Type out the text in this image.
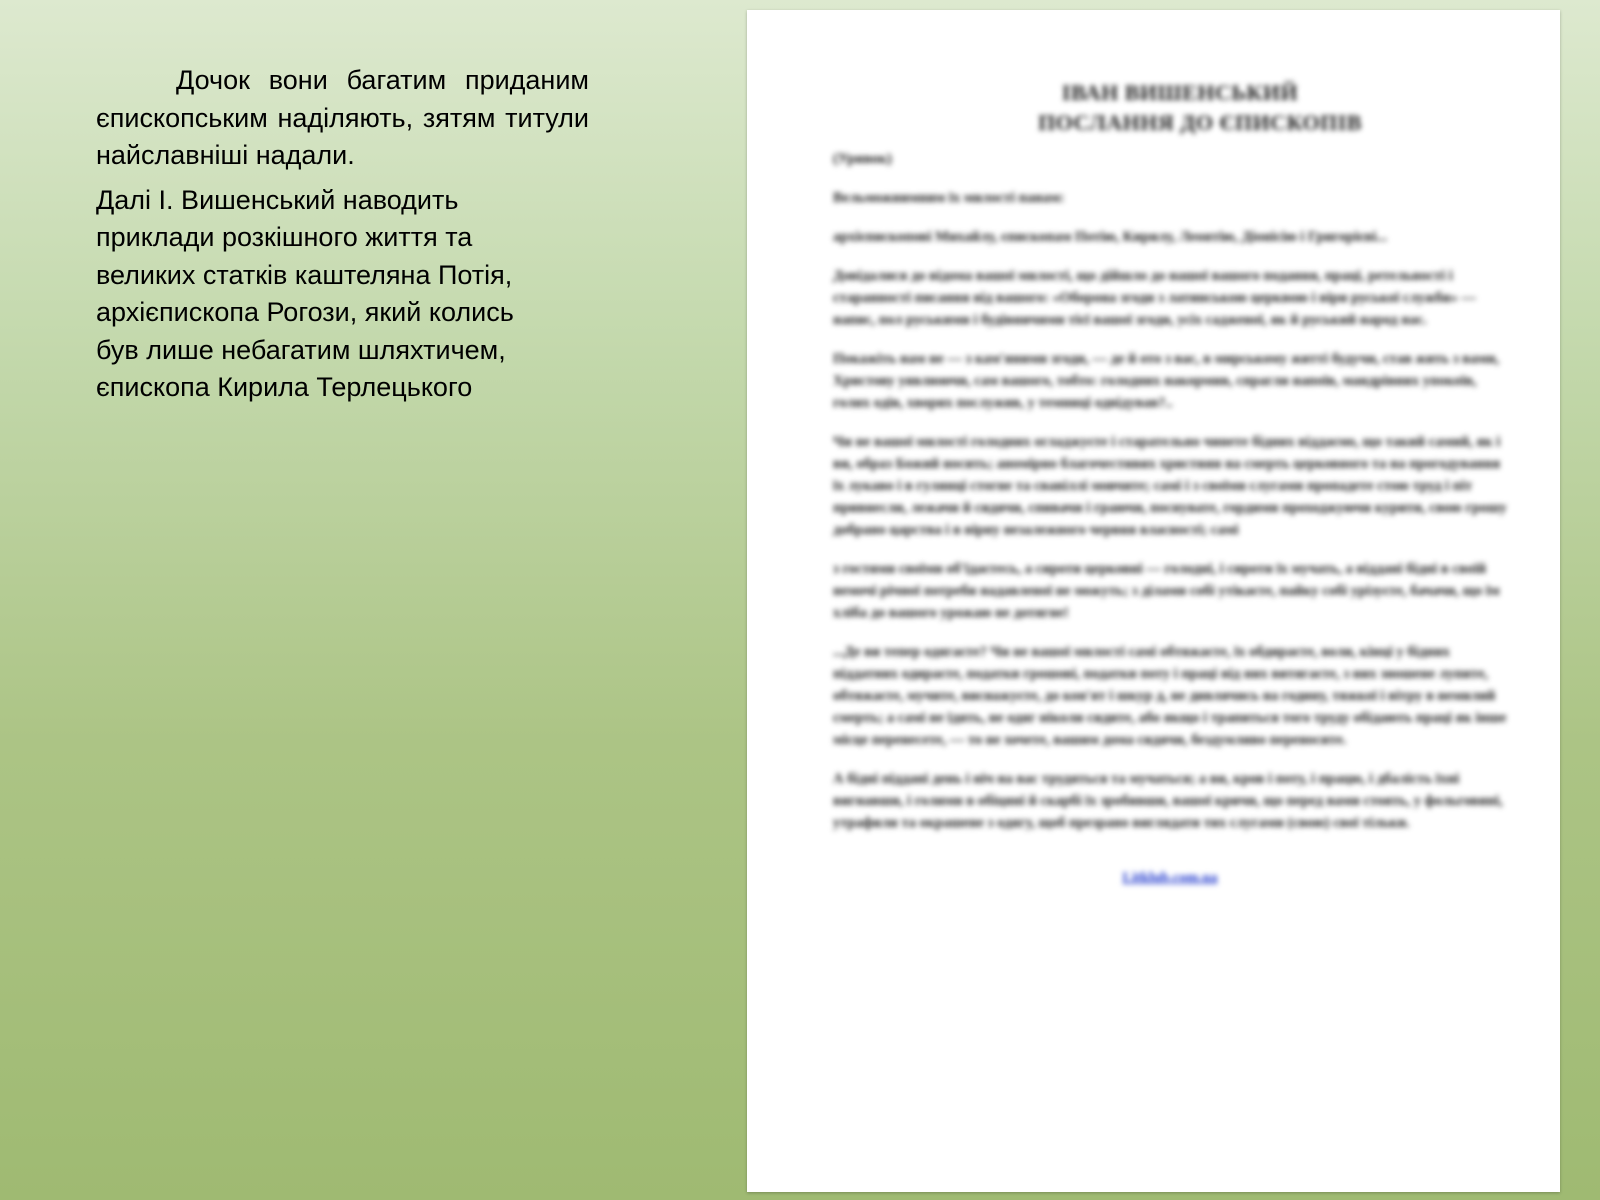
Дочок вони багатим приданим єпископським наділяють, зятям титули найславніші надали.

Далі І. Вишенський наводить
приклади розкішного життя та
великих статків каштеляна Потія,
архієпископа Рогози, який колись
був лише небагатим шляхтичем,
єпископа Кирила Терлецького

ІВАН ВИШЕНСЬКИЙ
ПОСЛАННЯ ДО ЄПИСКОПІВ

(Уривок)

Вельможнимним їх милості панам:

архієпископові Михайлу, єпископам Потію, Кирилу, Леонтію, Діонісію і Григорієві...

Довідалися до відома вашої милості, що дійшло до нашої вашого подання, праці, ретельності і старанності писання від вашого: «Оборона згоди з латинською церквою і віри руської служби» — напис, пол руськими і будівничими тієї вашої згоди, усіх садженої, як й руський народ нас.

Покажіть нам не — з кам'яними згоди, — де й ото з вас, в мирському житті будучи, став жить з вами, Христову уявлюючи, сам вашого, тобто: голодних накормив, спрагли напоїв, мандрівних упокоїв, голих одів, хворих послужив, у темниці одвідував?..

Чи не вашої милості голодних огладжуєте і старательно чинете бідних віддаємо, що такий самий, як і ви, образ Божий носить; аномірно благочестивих християн на смерть церковного та на прогодування їх лукаво і в гулянці стогне та свавіллі мовчите; самі і з своїми слугами пропадете стою труд і піт привнесли, лежачи й сидячи, спивачи і граючи, поснувате, гордими проходжуючи курити, свою грошу добрано царства і в вірну незалежного червня власності; самі

з гостями своїми об'їдаєтесь, а сироти церковні — голодні, і сироти їх мучать, а віддані бідні в своїй немочі річної потреби надавленої не можуть; з ділами собі утікаєте, пайку собі урізуєте, бачачи, що їм хліба до вашого урожаю не дотягне!

...Де ви тепер одягаєте? Чи не вашої милості самі обтяжаєте, їх обдираєте, воли, кінці у бідних піддатних одираєте, податки грошові, податки поту і праці від них витягаєте, з них зношене лупите, обтяжаєте, мучите, виснажуєте, до кон'ят і шкур д, не дивлячись на годину, тяжкої і вітру в немилий смерть; а самі не їдять, не одяг ніколи сидите, або якщо і трапиться того труду обідають праці як інше місце перенесете, — то не хочете, вашим дома сидячи, бездумливо переносите.

А бідні піддані день і ніч на вас трудяться та мучаться; а ви, кров і поту, і працю, і дбалість їхні вигнавши, і голими в обіцяні й скарбі їх зробивши, вашої кричи, що перед вами стоять, у фольговині, утрафили та окрашене з одягу, щоб презрано виглядати тих слугами (свою) свої тільки.

Litklub.com.ua
